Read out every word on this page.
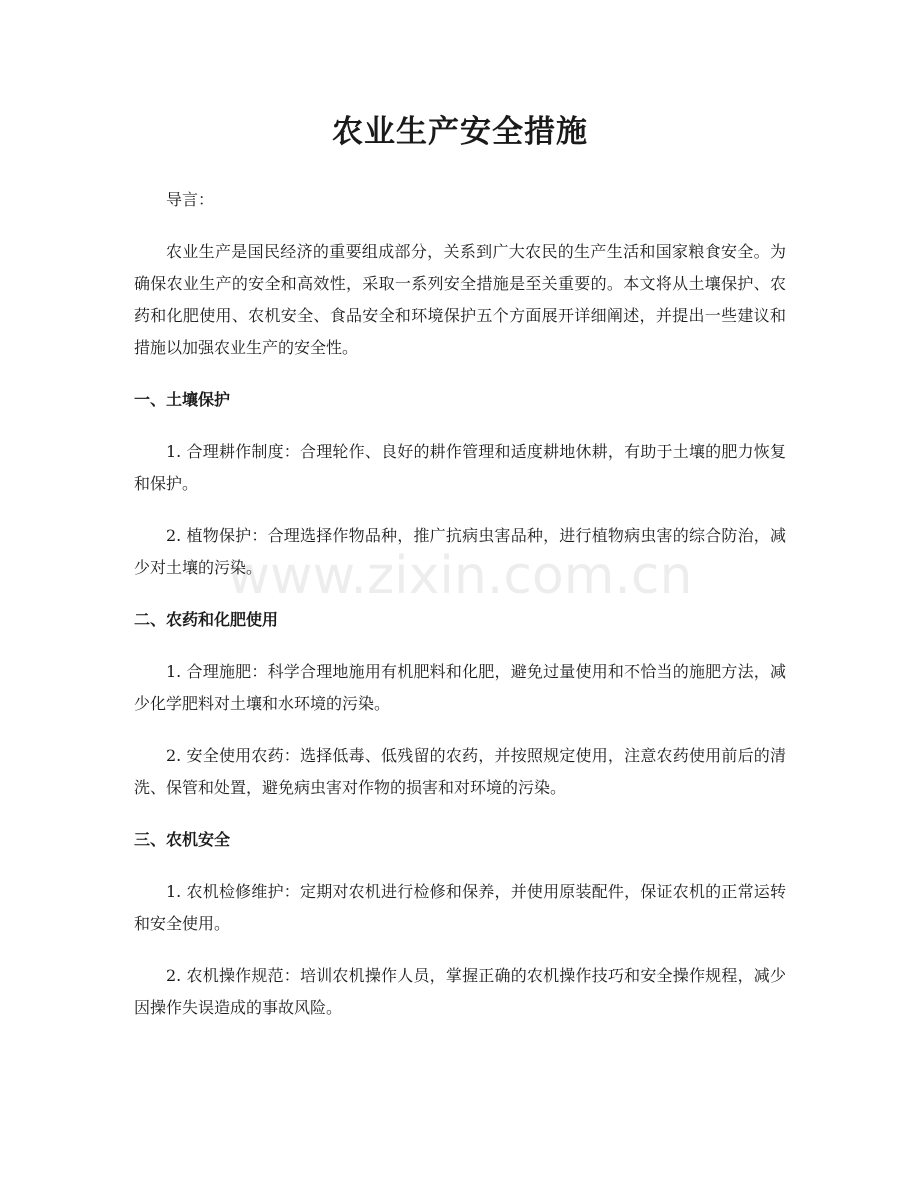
农业生产安全措施
www.zixin.com.cn

导言：

农业生产是国民经济的重要组成部分，关系到广大农民的生产生活和国家粮食安全。为确保农业生产的安全和高效性，采取一系列安全措施是至关重要的。本文将从土壤保护、农药和化肥使用、农机安全、食品安全和环境保护五个方面展开详细阐述，并提出一些建议和措施以加强农业生产的安全性。

一、土壤保护

1. 合理耕作制度：合理轮作、良好的耕作管理和适度耕地休耕，有助于土壤的肥力恢复和保护。

2. 植物保护：合理选择作物品种，推广抗病虫害品种，进行植物病虫害的综合防治，减少对土壤的污染。

二、农药和化肥使用

1. 合理施肥：科学合理地施用有机肥料和化肥，避免过量使用和不恰当的施肥方法，减少化学肥料对土壤和水环境的污染。

2. 安全使用农药：选择低毒、低残留的农药，并按照规定使用，注意农药使用前后的清洗、保管和处置，避免病虫害对作物的损害和对环境的污染。

三、农机安全

1. 农机检修维护：定期对农机进行检修和保养，并使用原装配件，保证农机的正常运转和安全使用。

2. 农机操作规范：培训农机操作人员，掌握正确的农机操作技巧和安全操作规程，减少因操作失误造成的事故风险。
